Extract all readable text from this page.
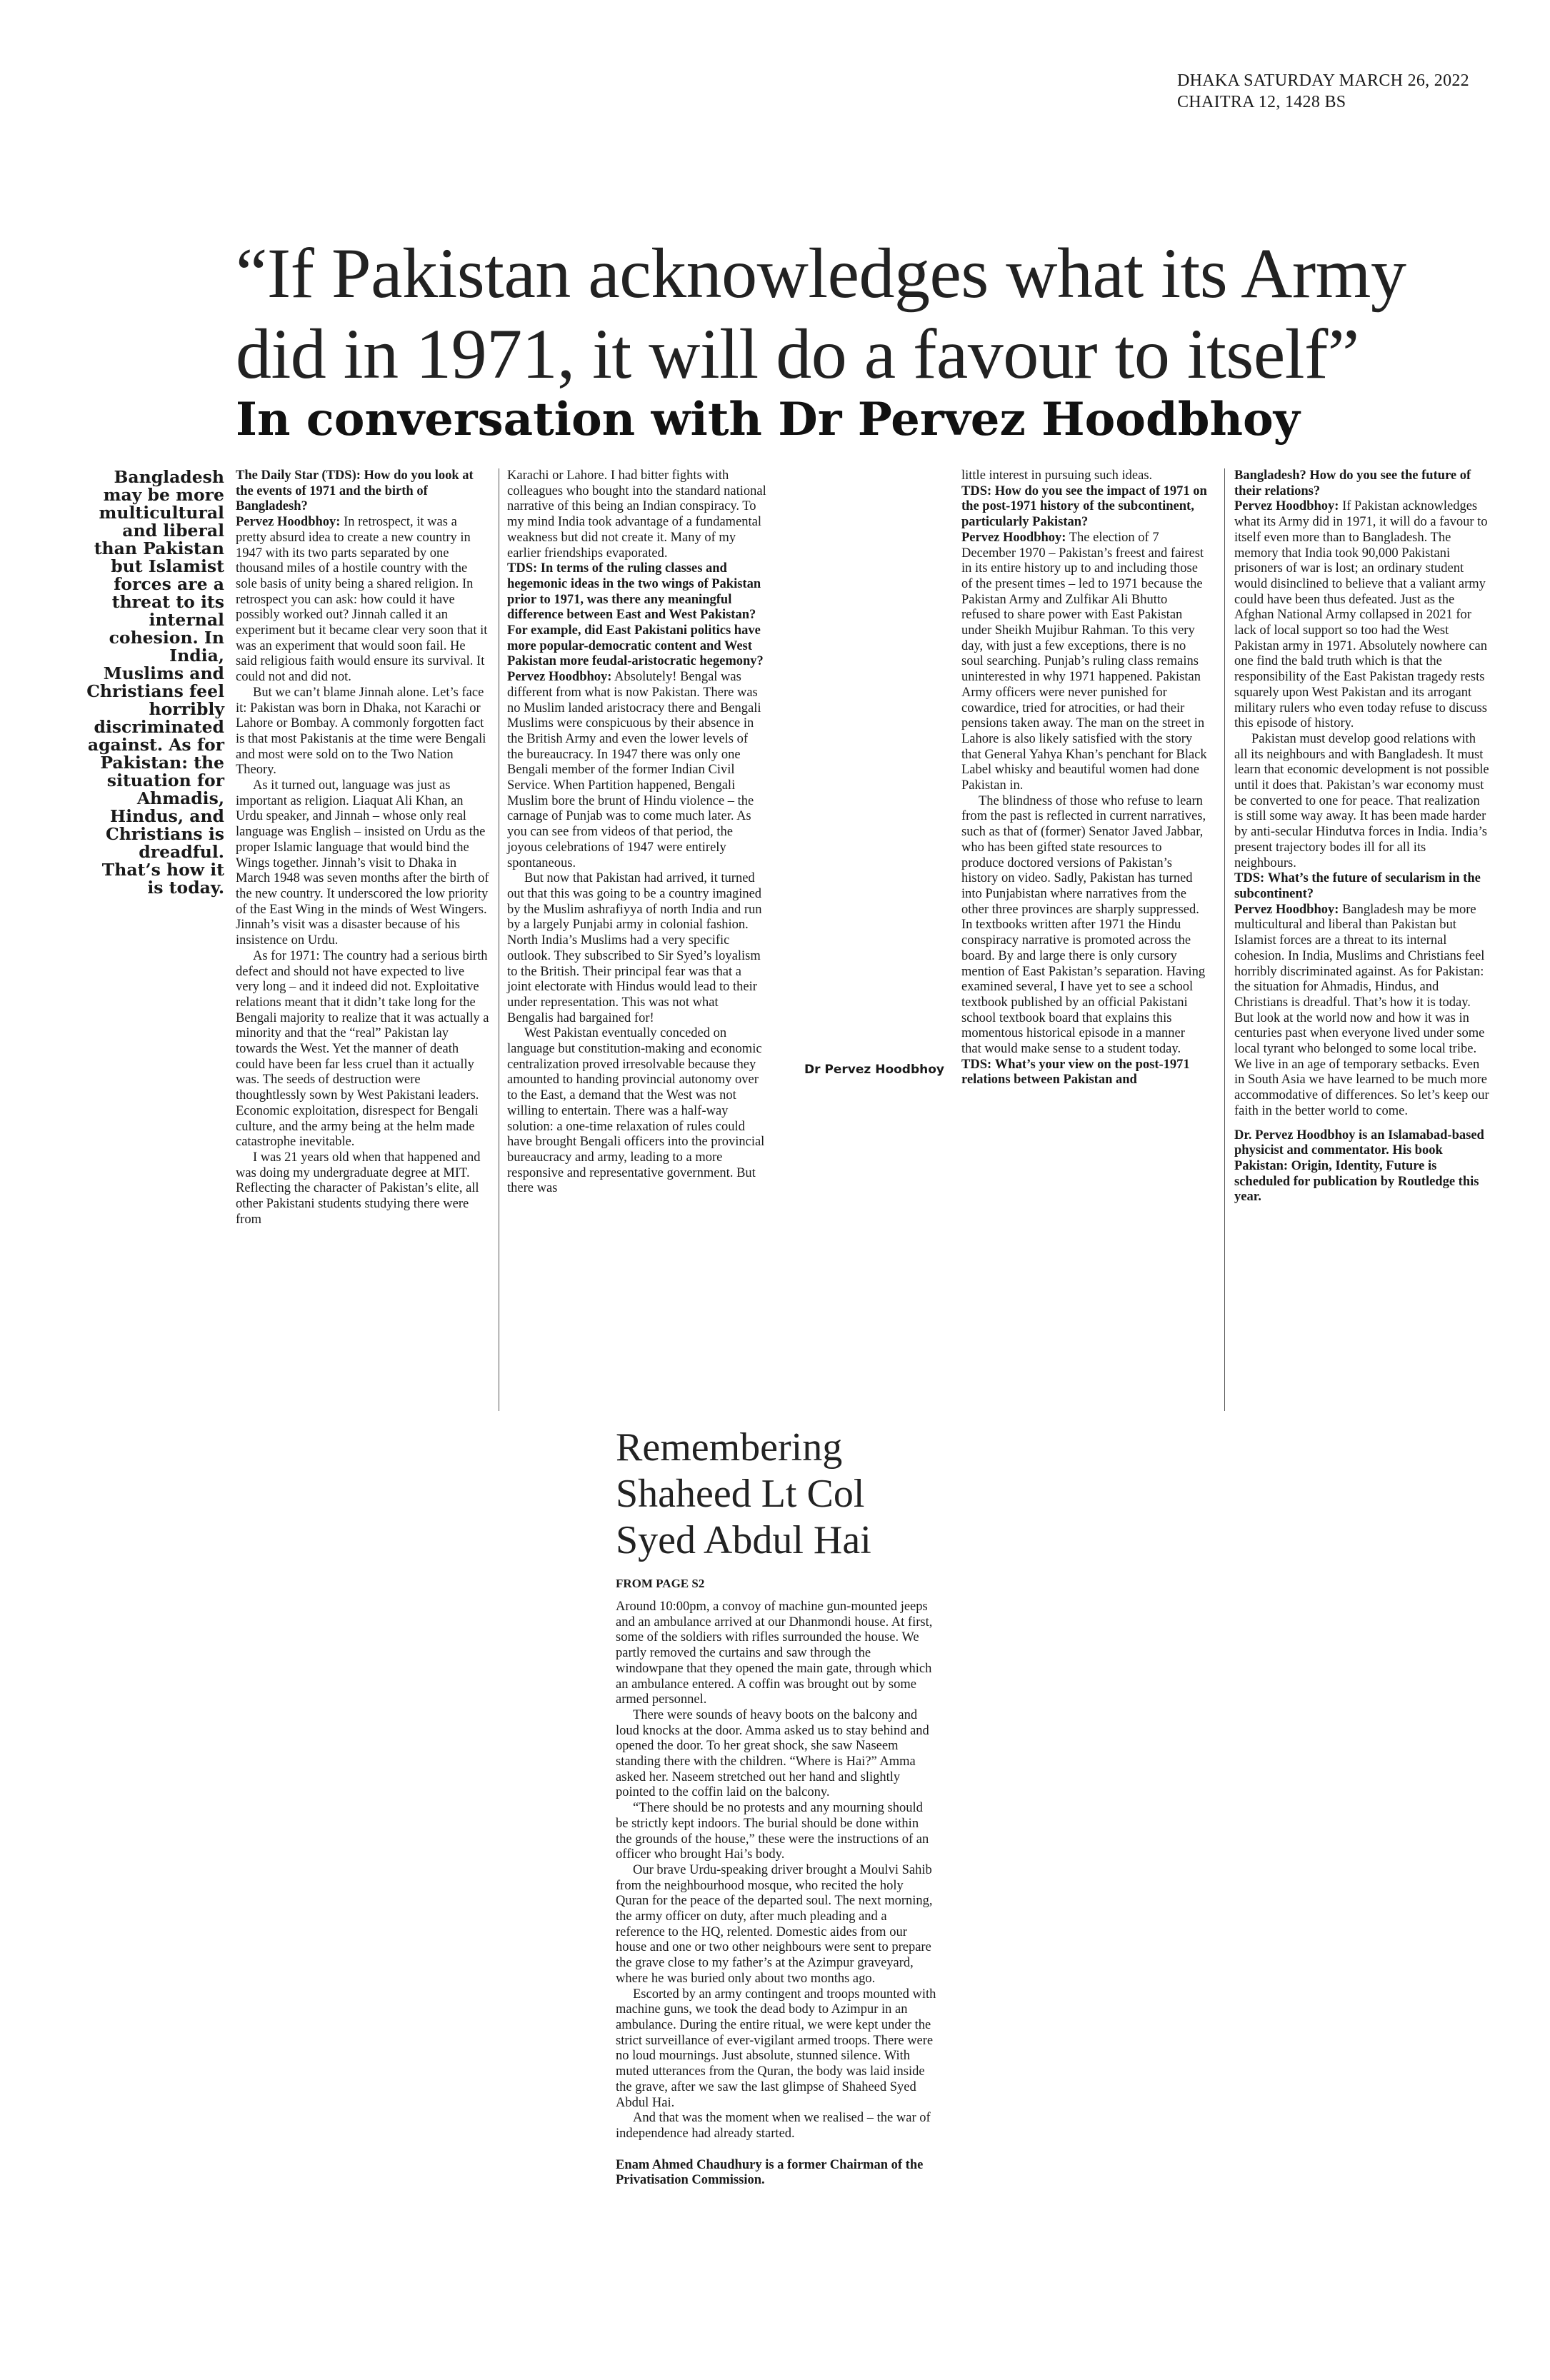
DHAKA SATURDAY MARCH 26, 2022
CHAITRA 12, 1428 BS
“If Pakistan acknowledges what its Army
did in 1971, it will do a favour to itself”
In conversation with Dr Pervez Hoodbhoy
Bangladesh may be more multicultural and liberal than Pakistan but Islamist forces are a threat to its internal cohesion. In India, Muslims and Christians feel horribly discriminated against. As for Pakistan: the situation for Ahmadis, Hindus, and Christians is dreadful. That’s how it is today.

The Daily Star (TDS): How do you look at the events of 1971 and the birth of Bangladesh?

Pervez Hoodbhoy: In retrospect, it was a pretty absurd idea to create a new country in 1947 with its two parts separated by one thousand miles of a hostile country with the sole basis of unity being a shared religion. In retrospect you can ask: how could it have possibly worked out? Jinnah called it an experiment but it became clear very soon that it was an experiment that would soon fail. He said religious faith would ensure its survival. It could not and did not.

But we can’t blame Jinnah alone. Let’s face it: Pakistan was born in Dhaka, not Karachi or Lahore or Bombay. A commonly forgotten fact is that most Pakistanis at the time were Bengali and most were sold on to the Two Nation Theory.

As it turned out, language was just as important as religion. Liaquat Ali Khan, an Urdu speaker, and Jinnah – whose only real language was English – insisted on Urdu as the proper Islamic language that would bind the Wings together. Jinnah’s visit to Dhaka in March 1948 was seven months after the birth of the new country. It underscored the low priority of the East Wing in the minds of West Wingers. Jinnah’s visit was a disaster because of his insistence on Urdu.

As for 1971: The country had a serious birth defect and should not have expected to live very long – and it indeed did not. Exploitative relations meant that it didn’t take long for the Bengali majority to realize that it was actually a minority and that the “real” Pakistan lay towards the West. Yet the manner of death could have been far less cruel than it actually was. The seeds of destruction were thoughtlessly sown by West Pakistani leaders. Economic exploitation, disrespect for Bengali culture, and the army being at the helm made catastrophe inevitable.

I was 21 years old when that happened and was doing my undergraduate degree at MIT. Reflecting the character of Pakistan’s elite, all other Pakistani students studying there were from

Karachi or Lahore. I had bitter fights with colleagues who bought into the standard national narrative of this being an Indian conspiracy. To my mind India took advantage of a fundamental weakness but did not create it. Many of my earlier friendships evaporated.

TDS: In terms of the ruling classes and hegemonic ideas in the two wings of Pakistan prior to 1971, was there any meaningful difference between East and West Pakistan? For example, did East Pakistani politics have more popular-democratic content and West Pakistan more feudal-aristocratic hegemony?

Pervez Hoodbhoy: Absolutely! Bengal was different from what is now Pakistan. There was no Muslim landed aristocracy there and Bengali Muslims were conspicuous by their absence in the British Army and even the lower levels of the bureaucracy. In 1947 there was only one Bengali member of the former Indian Civil Service. When Partition happened, Bengali Muslim bore the brunt of Hindu violence – the carnage of Punjab was to come much later. As you can see from videos of that period, the joyous celebrations of 1947 were entirely spontaneous.

But now that Pakistan had arrived, it turned out that this was going to be a country imagined by the Muslim ashrafiyya of north India and run by a largely Punjabi army in colonial fashion. North India’s Muslims had a very specific outlook. They subscribed to Sir Syed’s loyalism to the British. Their principal fear was that a joint electorate with Hindus would lead to their under representation. This was not what Bengalis had bargained for!

West Pakistan eventually conceded on language but constitution-making and economic centralization proved irresolvable because they amounted to handing provincial autonomy over to the East, a demand that the West was not willing to entertain. There was a half-way solution: a one-time relaxation of rules could have brought Bengali officers into the provincial bureaucracy and army, leading to a more responsive and representative government. But there was

Dr Pervez Hoodbhoy

little interest in pursuing such ideas.

TDS: How do you see the impact of 1971 on the post-1971 history of the subcontinent, particularly Pakistan?

Pervez Hoodbhoy: The election of 7 December 1970 – Pakistan’s freest and fairest in its entire history up to and including those of the present times – led to 1971 because the Pakistan Army and Zulfikar Ali Bhutto refused to share power with East Pakistan under Sheikh Mujibur Rahman. To this very day, with just a few exceptions, there is no soul searching. Punjab’s ruling class remains uninterested in why 1971 happened. Pakistan Army officers were never punished for cowardice, tried for atrocities, or had their pensions taken away. The man on the street in Lahore is also likely satisfied with the story that General Yahya Khan’s penchant for Black Label whisky and beautiful women had done Pakistan in.

The blindness of those who refuse to learn from the past is reflected in current narratives, such as that of (former) Senator Javed Jabbar, who has been gifted state resources to produce doctored versions of Pakistan’s history on video. Sadly, Pakistan has turned into Punjabistan where narratives from the other three provinces are sharply suppressed. In textbooks written after 1971 the Hindu conspiracy narrative is promoted across the board. By and large there is only cursory mention of East Pakistan’s separation. Having examined several, I have yet to see a school textbook published by an official Pakistani school textbook board that explains this momentous historical episode in a manner that would make sense to a student today.

TDS: What’s your view on the post-1971 relations between Pakistan and

Bangladesh? How do you see the future of their relations?

Pervez Hoodbhoy: If Pakistan acknowledges what its Army did in 1971, it will do a favour to itself even more than to Bangladesh. The memory that India took 90,000 Pakistani prisoners of war is lost; an ordinary student would disinclined to believe that a valiant army could have been thus defeated. Just as the Afghan National Army collapsed in 2021 for lack of local support so too had the West Pakistan army in 1971. Absolutely nowhere can one find the bald truth which is that the responsibility of the East Pakistan tragedy rests squarely upon West Pakistan and its arrogant military rulers who even today refuse to discuss this episode of history.

Pakistan must develop good relations with all its neighbours and with Bangladesh. It must learn that economic development is not possible until it does that. Pakistan’s war economy must be converted to one for peace. That realization is still some way away. It has been made harder by anti-secular Hindutva forces in India. India’s present trajectory bodes ill for all its neighbours.

TDS: What’s the future of secularism in the subcontinent?

Pervez Hoodbhoy: Bangladesh may be more multicultural and liberal than Pakistan but Islamist forces are a threat to its internal cohesion. In India, Muslims and Christians feel horribly discriminated against. As for Pakistan: the situation for Ahmadis, Hindus, and Christians is dreadful. That’s how it is today. But look at the world now and how it was in centuries past when everyone lived under some local tyrant who belonged to some local tribe. We live in an age of temporary setbacks. Even in South Asia we have learned to be much more accommodative of differences. So let’s keep our faith in the better world to come.

Dr. Pervez Hoodbhoy is an Islamabad-based physicist and commentator. His book Pakistan: Origin, Identity, Future is scheduled for publication by Routledge this year.

Remembering Shaheed Lt Col Syed Abdul Hai
FROM PAGE S2

Around 10:00pm, a convoy of machine gun-mounted jeeps and an ambulance arrived at our Dhanmondi house. At first, some of the soldiers with rifles surrounded the house. We partly removed the curtains and saw through the windowpane that they opened the main gate, through which an ambulance entered. A coffin was brought out by some armed personnel.

There were sounds of heavy boots on the balcony and loud knocks at the door. Amma asked us to stay behind and opened the door. To her great shock, she saw Naseem standing there with the children. “Where is Hai?” Amma asked her. Naseem stretched out her hand and slightly pointed to the coffin laid on the balcony.

“There should be no protests and any mourning should be strictly kept indoors. The burial should be done within the grounds of the house,” these were the instructions of an officer who brought Hai’s body.

Our brave Urdu-speaking driver brought a Moulvi Sahib from the neighbourhood mosque, who recited the holy Quran for the peace of the departed soul. The next morning, the army officer on duty, after much pleading and a reference to the HQ, relented. Domestic aides from our house and one or two other neighbours were sent to prepare the grave close to my father’s at the Azimpur graveyard, where he was buried only about two months ago.

Escorted by an army contingent and troops mounted with machine guns, we took the dead body to Azimpur in an ambulance. During the entire ritual, we were kept under the strict surveillance of ever-vigilant armed troops. There were no loud mournings. Just absolute, stunned silence. With muted utterances from the Quran, the body was laid inside the grave, after we saw the last glimpse of Shaheed Syed Abdul Hai.

And that was the moment when we realised – the war of independence had already started.

Enam Ahmed Chaudhury is a former Chairman of the Privatisation Commission.
